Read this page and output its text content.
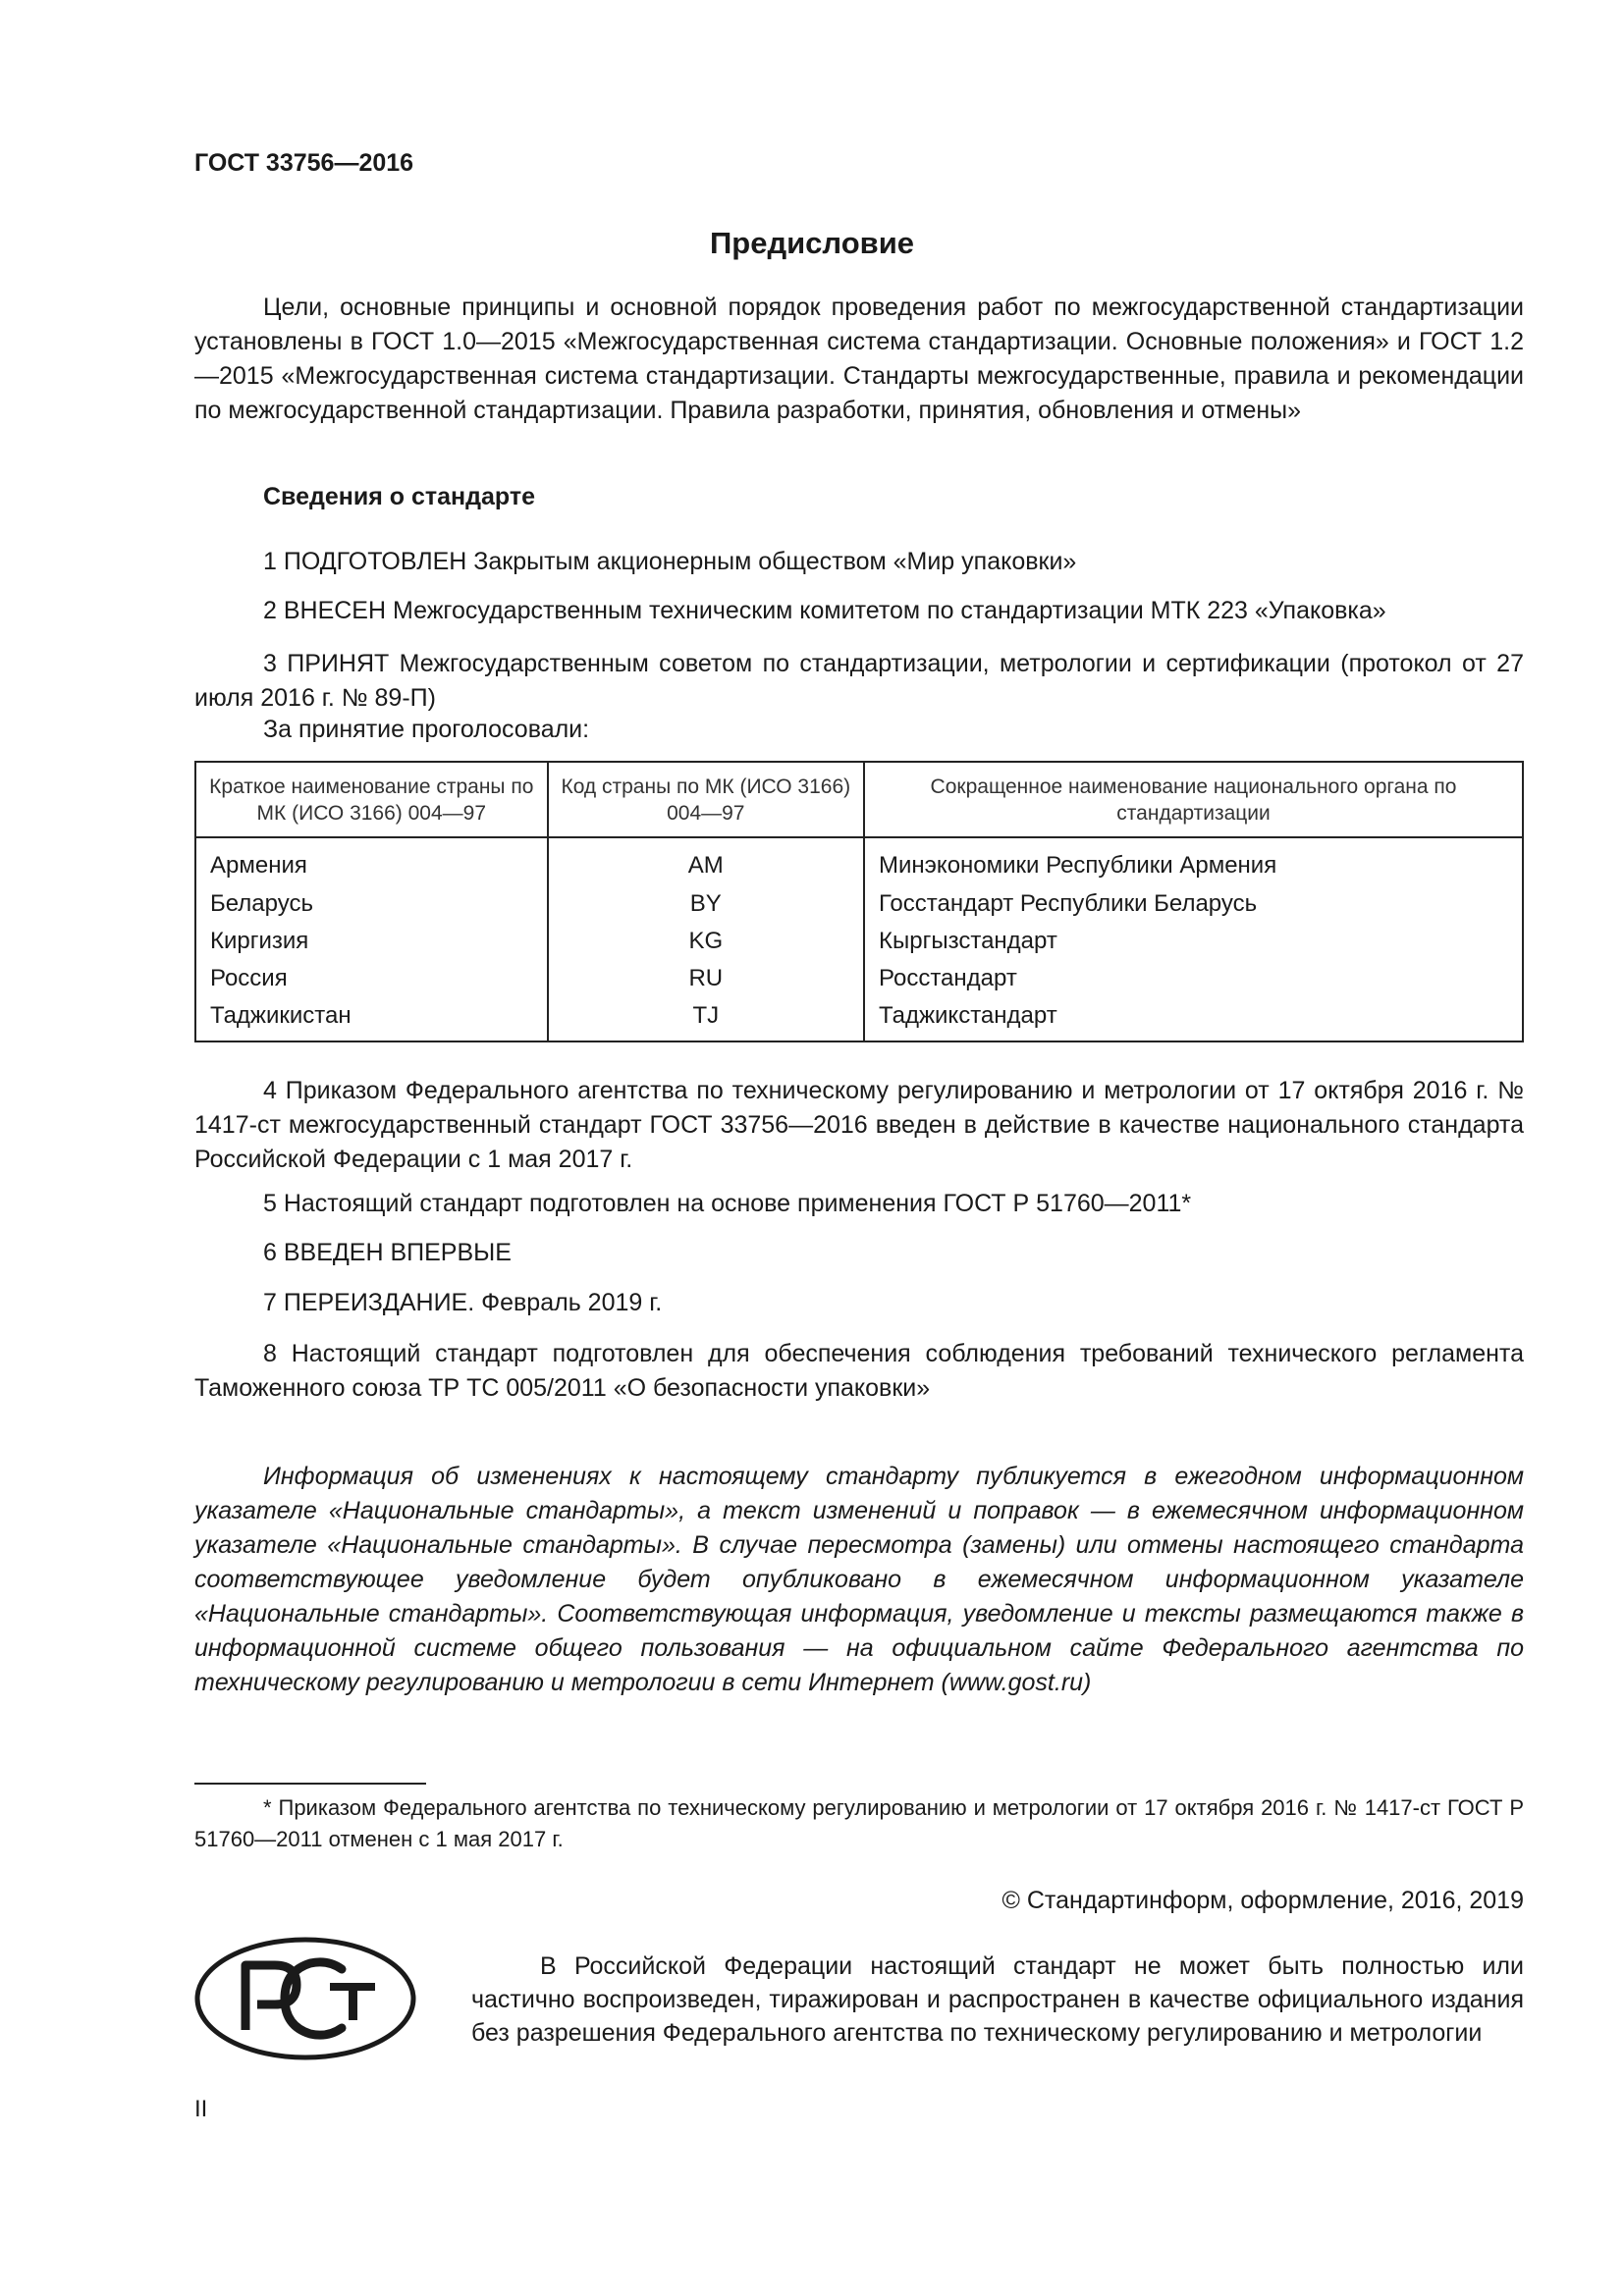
ГОСТ 33756—2016
Предисловие

Цели, основные принципы и основной порядок проведения работ по межгосударственной стандартизации установлены в ГОСТ 1.0—2015 «Межгосударственная система стандартизации. Основные положения» и ГОСТ 1.2—2015 «Межгосударственная система стандартизации. Стандарты межгосударственные, правила и рекомендации по межгосударственной стандартизации. Правила разработки, принятия, обновления и отмены»

Сведения о стандарте

1 ПОДГОТОВЛЕН Закрытым акционерным обществом «Мир упаковки»

2 ВНЕСЕН Межгосударственным техническим комитетом по стандартизации МТК 223 «Упаковка»

3 ПРИНЯТ Межгосударственным советом по стандартизации, метрологии и сертификации (протокол от 27 июля 2016 г. № 89-П)

За принятие проголосовали:
Краткое наименование страны по МК (ИСО 3166) 004—97	Код страны по МК (ИСО 3166) 004—97	Сокращенное наименование национального органа по стандартизации
Армения	AM	Минэкономики Республики Армения
Беларусь	BY	Госстандарт Республики Беларусь
Киргизия	KG	Кыргызстандарт
Россия	RU	Росстандарт
Таджикистан	TJ	Таджикстандарт

4 Приказом Федерального агентства по техническому регулированию и метрологии от 17 октября 2016 г. № 1417-ст межгосударственный стандарт ГОСТ 33756—2016 введен в действие в качестве национального стандарта Российской Федерации с 1 мая 2017 г.

5 Настоящий стандарт подготовлен на основе применения ГОСТ Р 51760—2011*

6 ВВЕДЕН ВПЕРВЫЕ

7 ПЕРЕИЗДАНИЕ. Февраль 2019 г.

8 Настоящий стандарт подготовлен для обеспечения соблюдения требований технического регламента Таможенного союза ТР ТС 005/2011 «О безопасности упаковки»

Информация об изменениях к настоящему стандарту публикуется в ежегодном информационном указателе «Национальные стандарты», а текст изменений и поправок — в ежемесячном информационном указателе «Национальные стандарты». В случае пересмотра (замены) или отмены настоящего стандарта соответствующее уведомление будет опубликовано в ежемесячном информационном указателе «Национальные стандарты». Соответствующая информация, уведомление и тексты размещаются также в информационной системе общего пользования — на официальном сайте Федерального агентства по техническому регулированию и метрологии в сети Интернет (www.gost.ru)

* Приказом Федерального агентства по техническому регулированию и метрологии от 17 октября 2016 г. № 1417-ст ГОСТ Р 51760—2011 отменен с 1 мая 2017 г.

© Стандартинформ, оформление, 2016, 2019

В Российской Федерации настоящий стандарт не может быть полностью или частично воспроизведен, тиражирован и распространен в качестве официального издания без разрешения Федерального агентства по техническому регулированию и метрологии

II
